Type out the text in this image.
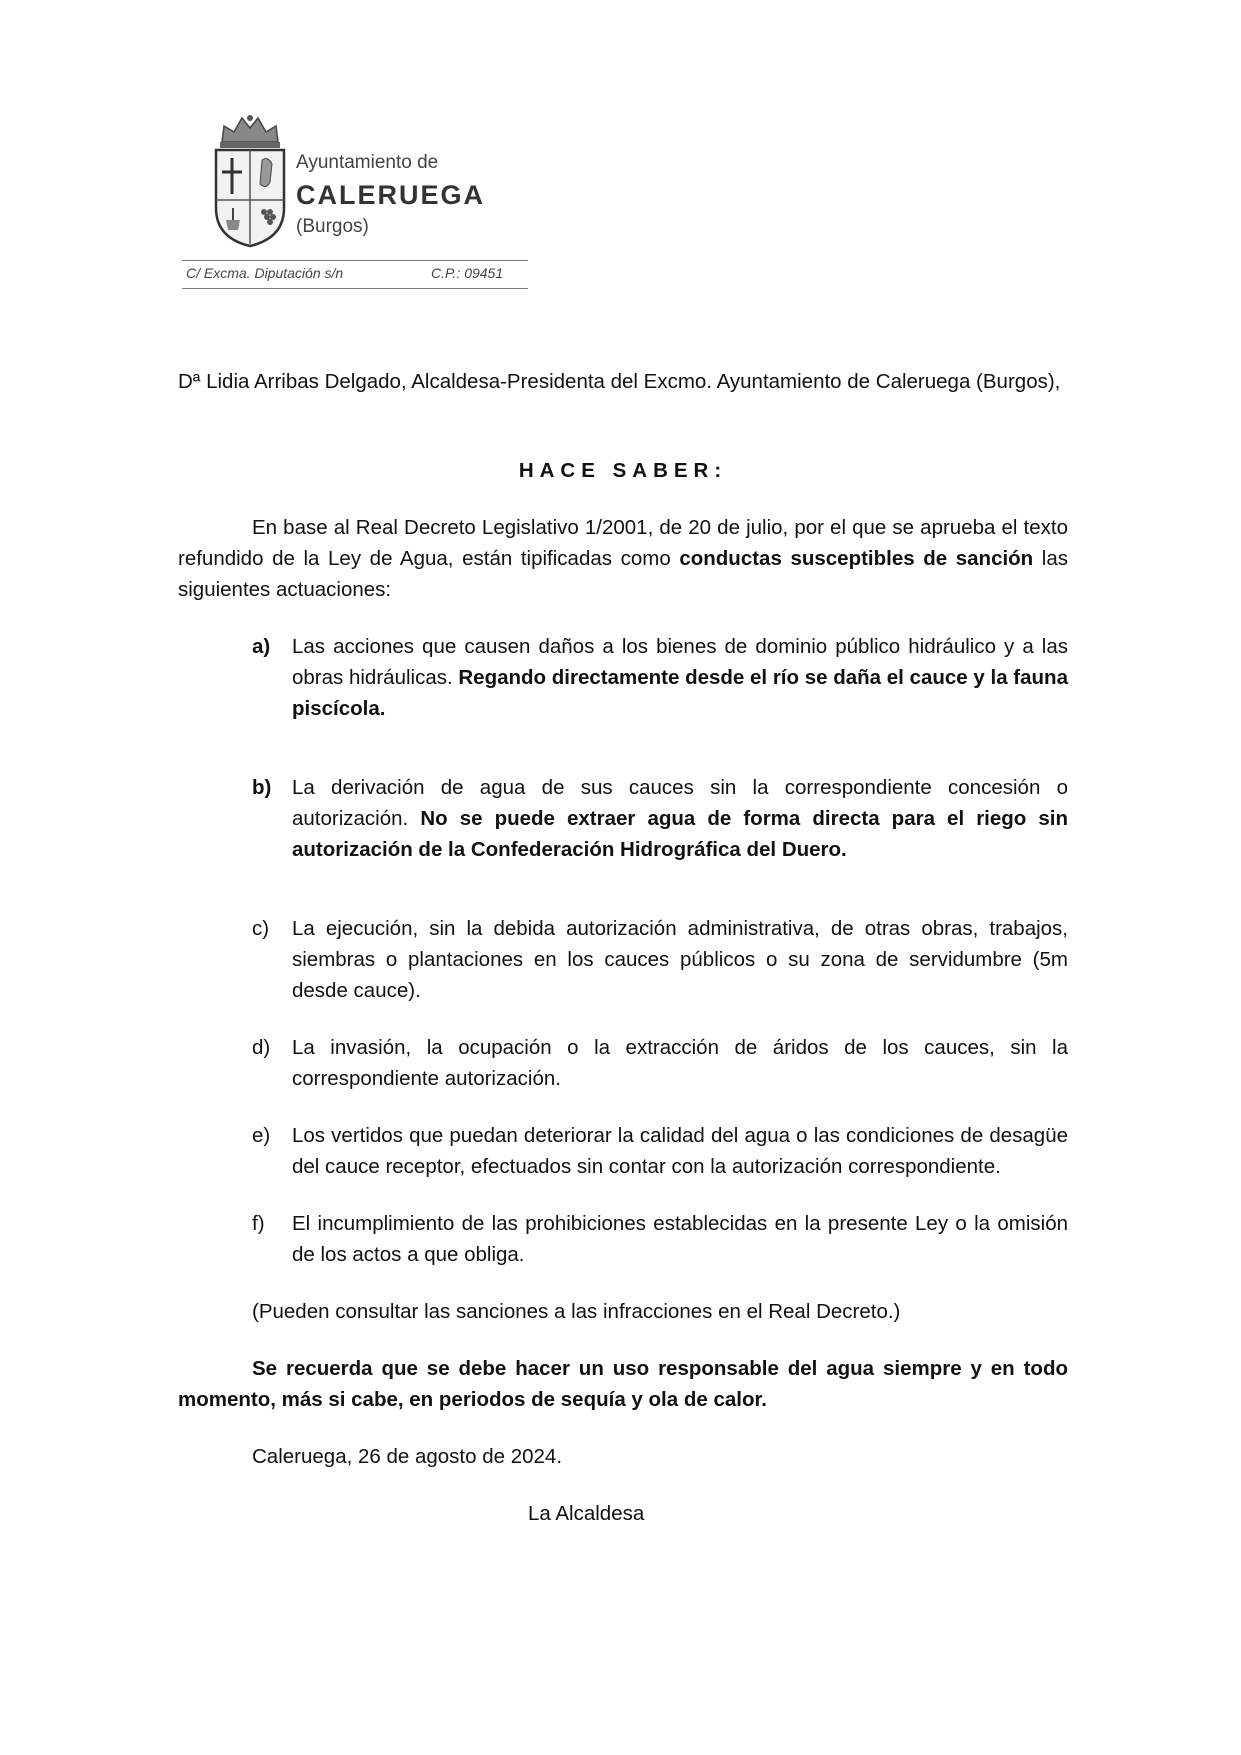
Ayuntamiento de
CALERUEGA
(Burgos)
C/ Excma. Diputación s/n	C.P.: 09451

Dª Lidia Arribas Delgado, Alcaldesa-Presidenta del Excmo. Ayuntamiento de Caleruega (Burgos),

HACE SABER:

En base al Real Decreto Legislativo 1/2001, de 20 de julio, por el que se aprueba el texto refundido de la Ley de Agua, están tipificadas como conductas susceptibles de sanción las siguientes actuaciones:

a)	Las acciones que causen daños a los bienes de dominio público hidráulico y a las obras hidráulicas. Regando directamente desde el río se daña el cauce y la fauna piscícola.
b)	La derivación de agua de sus cauces sin la correspondiente concesión o autorización. No se puede extraer agua de forma directa para el riego sin autorización de la Confederación Hidrográfica del Duero.
c)	La ejecución, sin la debida autorización administrativa, de otras obras, trabajos, siembras o plantaciones en los cauces públicos o su zona de servidumbre (5m desde cauce).
d)	La invasión, la ocupación o la extracción de áridos de los cauces, sin la correspondiente autorización.
e)	Los vertidos que puedan deteriorar la calidad del agua o las condiciones de desagüe del cauce receptor, efectuados sin contar con la autorización correspondiente.
f)	El incumplimiento de las prohibiciones establecidas en la presente Ley o la omisión de los actos a que obliga.

(Pueden consultar las sanciones a las infracciones en el Real Decreto.)

Se recuerda que se debe hacer un uso responsable del agua siempre y en todo momento, más si cabe, en periodos de sequía y ola de calor.

Caleruega, 26 de agosto de 2024.

La Alcaldesa
